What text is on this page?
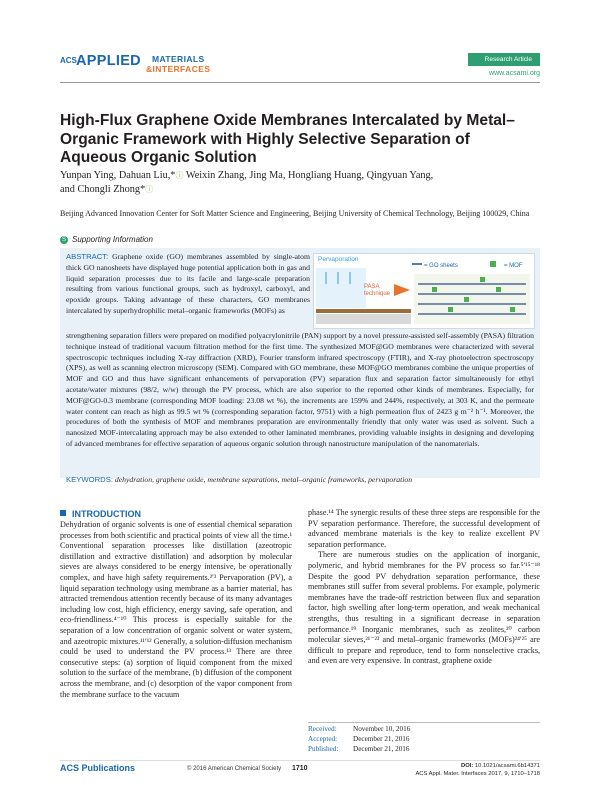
ACS APPLIED MATERIALS
&INTERFACES
Research Article
www.acsami.org
High-Flux Graphene Oxide Membranes Intercalated by Metal–Organic Framework with Highly Selective Separation of Aqueous Organic Solution
Yunpan Ying, Dahuan Liu,*ⓘ Weixin Zhang, Jing Ma, Hongliang Huang, Qingyuan Yang,
and Chongli Zhong*ⓘ
Beijing Advanced Innovation Center for Soft Matter Science and Engineering, Beijing University of Chemical Technology, Beijing 100029, China
S Supporting Information
ABSTRACT: Graphene oxide (GO) membranes assembled by single-atom thick GO nanosheets have displayed huge potential application both in gas and liquid separation processes due to its facile and large-scale preparation resulting from various functional groups, such as hydroxyl, carboxyl, and epoxide groups. Taking advantage of these characters, GO membranes intercalated by superhydrophilic metal–organic frameworks (MOFs) as
strengthening separation fillers were prepared on modified polyacrylonitrile (PAN) support by a novel pressure-assisted self-assembly (PASA) filtration technique instead of traditional vacuum filtration method for the first time. The synthesized MOF@GO membranes were characterized with several spectroscopic techniques including X-ray diffraction (XRD), Fourier transform infrared spectroscopy (FTIR), and X-ray photoelectron spectroscopy (XPS), as well as scanning electron microscopy (SEM). Compared with GO membrane, these MOF@GO membranes combine the unique properties of MOF and GO and thus have significant enhancements of pervaporation (PV) separation flux and separation factor simultaneously for ethyl acetate/water mixtures (98/2, w/w) through the PV process, which are also superior to the reported other kinds of membranes. Especially, for MOF@GO-0.3 membrane (corresponding MOF loading: 23.08 wt %), the increments are 159% and 244%, respectively, at 303 K, and the permeate water content can reach as high as 99.5 wt % (corresponding separation factor, 9751) with a high permeation flux of 2423 g m⁻² h⁻¹. Moreover, the procedures of both the synthesis of MOF and membranes preparation are environmentally friendly that only water was used as solvent. Such a nanosized MOF-intercalating approach may be also extended to other laminated membranes, providing valuable insights in designing and developing of advanced membranes for effective separation of aqueous organic solution through nanostructure manipulation of the nanomaterials.
KEYWORDS: dehydration, graphene oxide, membrane separations, metal–organic frameworks, pervaporation
Pervaporation
PASA technique
= GO sheets	= MOF
INTRODUCTION

Dehydration of organic solvents is one of essential chemical separation processes from both scientific and practical points of view all the time.¹ Conventional separation processes like distillation (azeotropic distillation and extractive distillation) and adsorption by molecular sieves are always considered to be energy intensive, be operationally complex, and have high safety requirements.²ʹ³ Pervaporation (PV), a liquid separation technology using membrane as a barrier material, has attracted tremendous attention recently because of its many advantages including low cost, high efficiency, energy saving, safe operation, and eco-friendliness.⁴⁻¹⁰ This process is especially suitable for the separation of a low concentration of organic solvent or water system, and azeotropic mixtures.¹¹ʹ¹² Generally, a solution-diffusion mechanism could be used to understand the PV process.¹³ There are three consecutive steps: (a) sorption of liquid component from the mixed solution to the surface of the membrane, (b) diffusion of the component across the membrane, and (c) desorption of the vapor component from the membrane surface to the vacuum

phase.¹⁴ The synergic results of these three steps are responsible for the PV separation performance. Therefore, the successful development of advanced membrane materials is the key to realize excellent PV separation performance.

There are numerous studies on the application of inorganic, polymeric, and hybrid membranes for the PV process so far.⁵ʹ¹⁵⁻¹⁸ Despite the good PV dehydration separation performance, these membranes still suffer from several problems. For example, polymeric membranes have the trade-off restriction between flux and separation factor, high swelling after long-term operation, and weak mechanical strengths, thus resulting in a significant decrease in separation performance.¹⁹ Inorganic membranes, such as zeolites,²⁰ carbon molecular sieves,²¹⁻²³ and metal–organic frameworks (MOFs)²⁴ʹ²⁵ are difficult to prepare and reproduce, tend to form nonselective cracks, and even are very expensive. In contrast, graphene oxide

Received: November 10, 2016
Accepted: December 21, 2016
Published: December 21, 2016
ACS Publications	© 2016 American Chemical Society 1710	DOI: 10.1021/acsami.6b14371
ACS Appl. Mater. Interfaces 2017, 9, 1710−1718
